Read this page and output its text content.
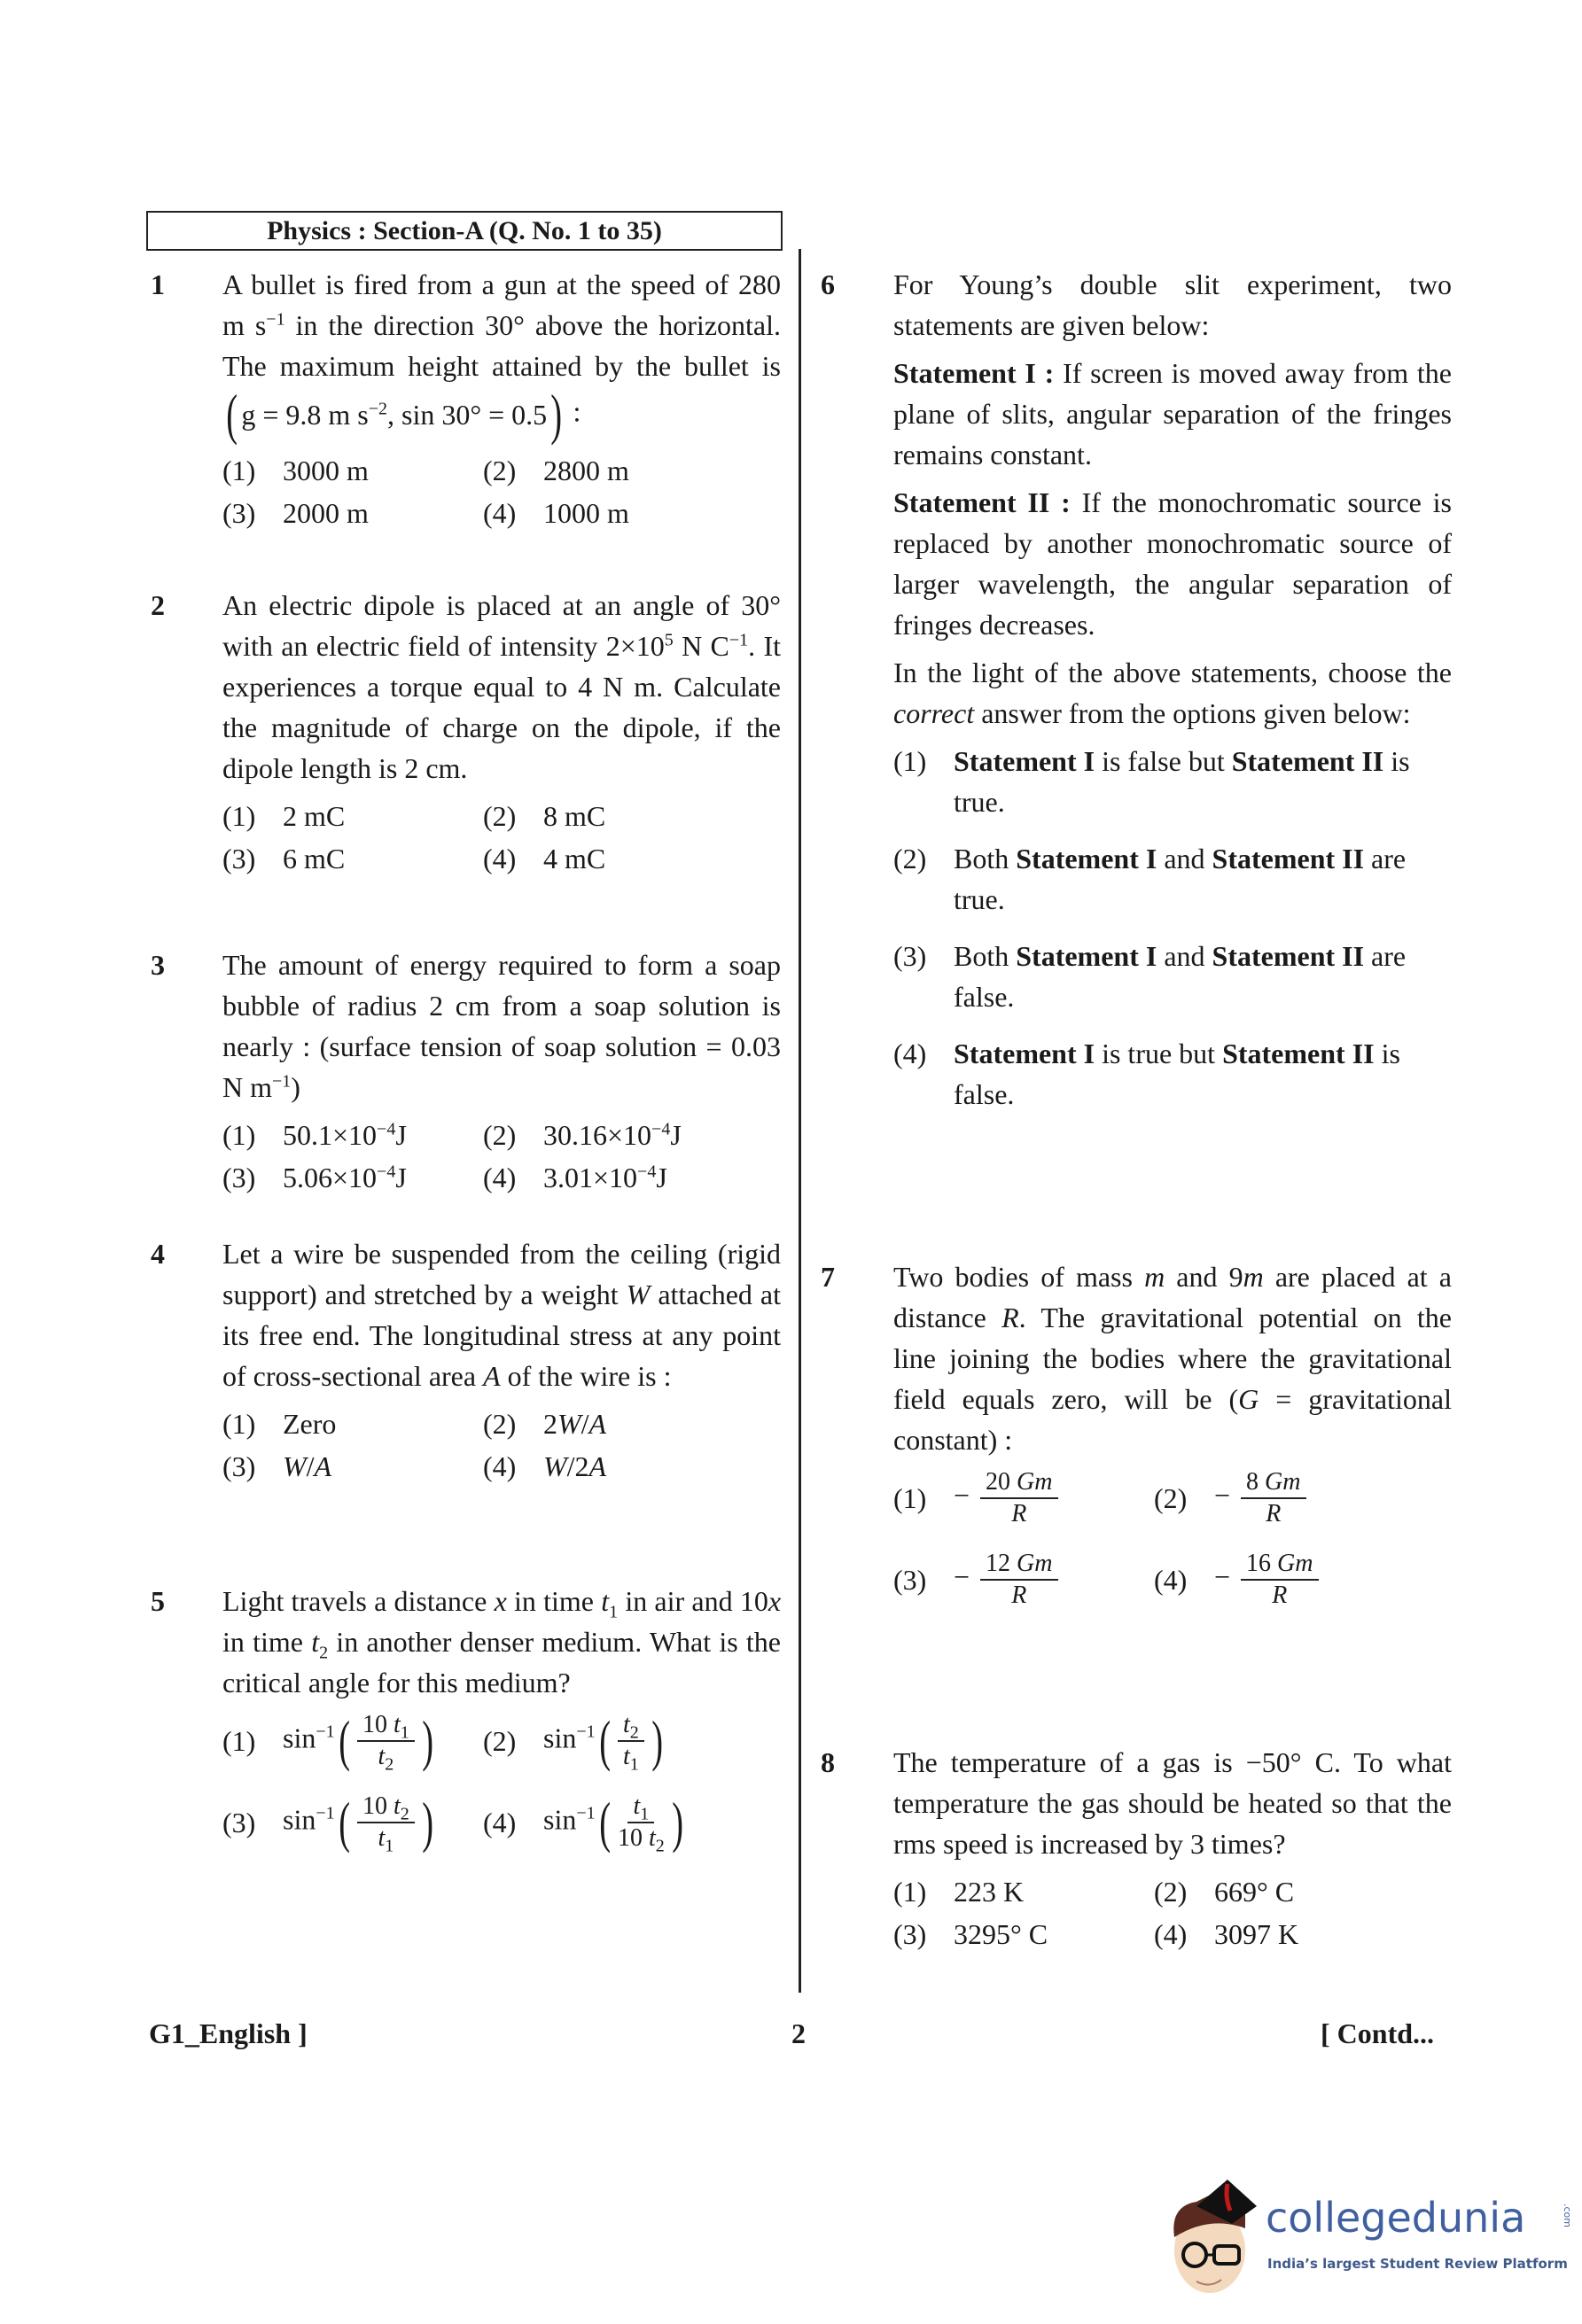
Physics : Section-A (Q. No. 1 to 35)
1 A bullet is fired from a gun at the speed of 280 m $s^{-1}$ in the direction 30° above the horizontal. The maximum height attained by the bullet is
( g = 9.8 m $s^{-2}$, sin 30° = 0.5 ) :

(1) 3000 m	(2) 2800 m
(3) 2000 m	(4) 1000 m
2 An electric dipole is placed at an angle of 30° with an electric field of intensity $2\times 10^5$ N $C^{-1}$. It experiences a torque equal to 4 N m. Calculate the magnitude of charge on the dipole, if the dipole length is 2 cm.

(1) 2 mC	(2) 8 mC
(3) 6 mC	(4) 4 mC
3 The amount of energy required to form a soap bubble of radius 2 cm from a soap solution is nearly : (surface tension of soap solution = 0.03 N $m^{-1}$)

(1) $50.1\times 10^{-4}J$	(2) $30.16\times 10^{-4}J$
(3) $5.06\times 10^{-4}J$	(4) $3.01\times 10^{-4}J$
4 Let a wire be suspended from the ceiling (rigid support) and stretched by a weight W attached at its free end. The longitudinal stress at any point of cross-sectional area A of the wire is :

(1) Zero	(2) 2W/A
(3) W/A	(4) W/2A
5 Light travels a distance x in time $t_1$ in air and 10x in time $t_2$ in another denser medium. What is the critical angle for this medium?

(1) $\sin^{-1}$ ( $\frac{10 t_1}{t_2}$ ) (2) $\sin^{-1}$ ( $\frac{t_2}{t_1}$ )
(3) $\sin^{-1}$ ( $\frac{10 t_2}{t_1}$ ) (4) $\sin^{-1}$ ( $\frac{t_1}{10 t_2}$ )
6 For Young’s double slit experiment, two statements are given below:

Statement I : If screen is moved away from the plane of slits, angular separation of the fringes remains constant.

Statement II : If the monochromatic source is replaced by another monochromatic source of larger wavelength, the angular separation of fringes decreases.

In the light of the above statements, choose the correct answer from the options given below:

(1) Statement I is false but Statement II is true.
(2) Both Statement I and Statement II are true.
(3) Both Statement I and Statement II are false.
(4) Statement I is true but Statement II is false.
7 Two bodies of mass m and 9m are placed at a distance R. The gravitational potential on the line joining the bodies where the gravitational field equals zero, will be (G = gravitational constant) :

$(1) - \frac{20 Gm}{R}$	$(2) - \frac{8 Gm}{R}$
$(3) - \frac{12 Gm}{R}$	$(4) - \frac{16 Gm}{R}$
8 The temperature of a gas is −50° C. To what temperature the gas should be heated so that the rms speed is increased by 3 times?

(1) 223 K	(2) 669° C
(3) 3295° C	(4) 3097 K
G1_English ]	2	[ Contd...
collegedunia	.com
India’s largest Student Review Platform
